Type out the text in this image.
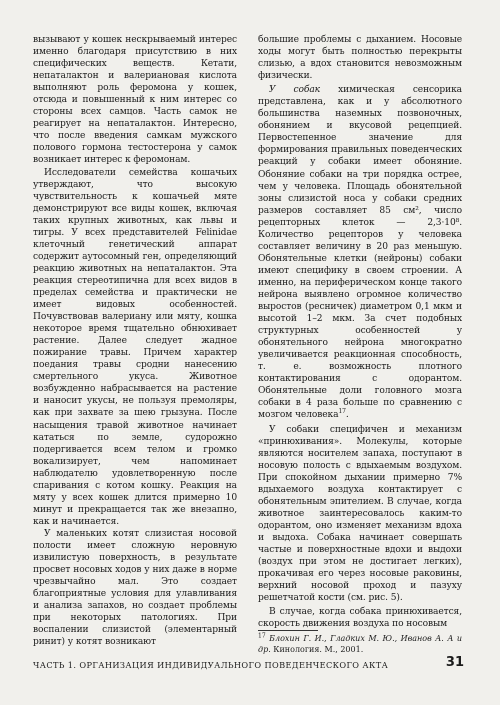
вызывают у кошек нескрываемый интерес именно благодаря присутствию в них специфических веществ. Кетати, непаталактон и валериановая кислота выполняют роль феромона у кошек, отсюда и повышенный к ним интерес со стороны всех самцов. Часть самок не реагирует на непаталактон. Интересно, что после введения самкам мужского полового гормона тестостерона у самок возникает интерес к феромонам.

Исследователи семейства кошачьих утверждают, что высокую чувствительность к кошачьей мяте демонстрируют все виды кошек, включая таких крупных животных, как львы и тигры. У всех представителей Felinidae клеточный генетический аппарат содержит аутосомный ген, определяющий реакцию животных на непаталактон. Эта реакция стереотипична для всех видов в пределах семейства и практически не имеет видовых особенностей. Почувствовав валериану или мяту, кошка некоторое время тщательно обнюхивает растение. Далее следует жадное пожирание травы. Причем характер поедания травы сродни нанесению смертельного укуса. Животное возбужденно набрасывается на растение и наносит укусы, не пользуя премоляры, как при захвате за шею грызуна. После насыщения травой животное начинает кататься по земле, судорожно подергивается всем телом и громко вокализирует, чем напоминает наблюдателю удовлетворенную после спаривания с котом кошку. Реакция на мяту у всех кошек длится примерно 10 минут и прекращается так же внезапно, как и начинается.

У маленьких котят слизистая носовой полости имеет сложную неровную извилистую поверхность, в результате просвет носовых ходов у них даже в норме чрезвычайно мал. Это создает благоприятные условия для улавливания и анализа запахов, но создает проблемы при некоторых патологиях. При воспалении слизистой (элементарный ринит) у котят возникают

большие проблемы с дыханием. Носовые ходы могут быть полностью перекрыты слизью, а вдох становится невозможным физически.

У собак химическая сенсорика представлена, как и у абсолютного большинства наземных позвоночных, обонянием и вкусовой рецепцией. Первостепенное значение для формирования правильных поведенческих реакций у собаки имеет обоняние. Обоняние собаки на три порядка острее, чем у человека. Площадь обонятельной зоны слизистой носа у собаки средних размеров составляет 85 см², число рецепторных клеток — 2,3·10⁸. Количество рецепторов у человека составляет величину в 20 раз меньшую. Обонятельные клетки (нейроны) собаки имеют специфику в своем строении. А именно, на периферическом конце такого нейрона выявлено огромное количество выростов (ресничек) диаметром 0,1 мкм и высотой 1–2 мкм. За счет подобных структурных особенностей у обонятельного нейрона многократно увеличивается реакционная способность, т. е. возможность плотного контактирования с одорантом. Обонятельные доли головного мозга собаки в 4 раза больше по сравнению с мозгом человека$^{17}$.

У собаки специфичен и механизм «принюхивания». Молекулы, которые являются носителем запаха, поступают в носовую полость с вдыхаемым воздухом. При спокойном дыхании примерно 7% вдыхаемого воздуха контактирует с обонятельным эпителием. В случае, когда животное заинтересовалось каким-то одорантом, оно изменяет механизм вдоха и выдоха. Собака начинает совершать частые и поверхностные вдохи и выдохи (воздух при этом не достигает легких), прокачивая его через носовые раковины, верхний носовой проход и пазуху решетчатой кости (см. рис. 5).

В случае, когда собака принюхивается, скорость движения воздуха по носовым

$^{17}$ Блохин Г. И., Гладких М. Ю., Иванов А. А и др. Кинология. М., 2001.
ЧАСТЬ 1. ОРГАНИЗАЦИЯ ИНДИВИДУАЛЬНОГО ПОВЕДЕНЧЕСКОГО АКТА	31
